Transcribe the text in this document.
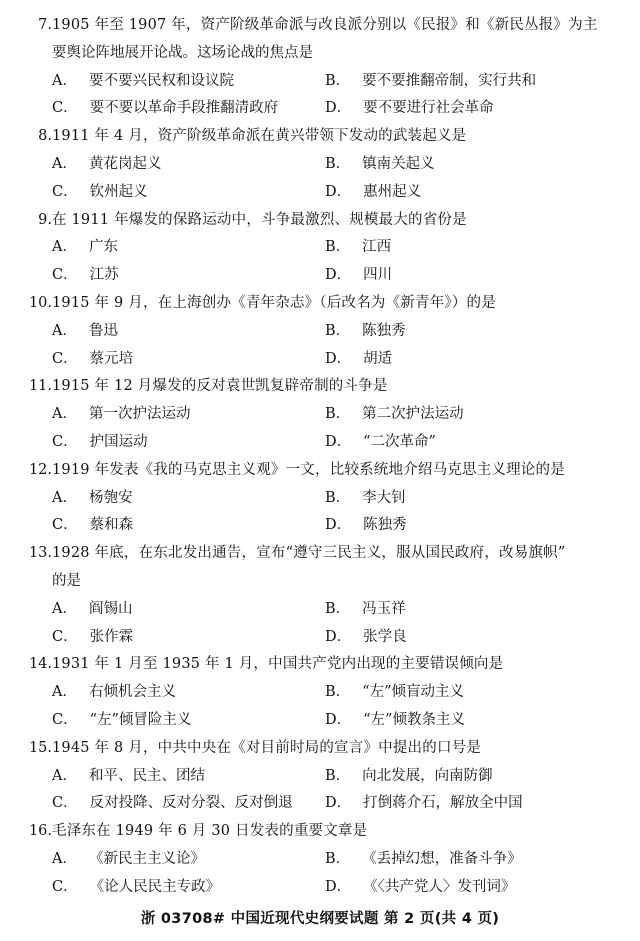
7. 1905 年至 1907 年，资产阶级革命派与改良派分别以《民报》和《新民丛报》为主
要舆论阵地展开论战。这场论战的焦点是
A． 要不要兴民权和设议院	B． 要不要推翻帝制，实行共和
C． 要不要以革命手段推翻清政府	D． 要不要进行社会革命
8. 1911 年 4 月，资产阶级革命派在黄兴带领下发动的武装起义是
A． 黄花岗起义	B． 镇南关起义
C． 钦州起义	D． 惠州起义
9. 在 1911 年爆发的保路运动中，斗争最激烈、规模最大的省份是
A． 广东	B． 江西
C． 江苏	D． 四川
10. 1915 年 9 月，在上海创办《青年杂志》（后改名为《新青年》）的是
A． 鲁迅	B． 陈独秀
C． 蔡元培	D． 胡适
11. 1915 年 12 月爆发的反对袁世凯复辟帝制的斗争是
A． 第一次护法运动	B． 第二次护法运动
C． 护国运动	D． “二次革命”
12. 1919 年发表《我的马克思主义观》一文，比较系统地介绍马克思主义理论的是
A． 杨匏安	B． 李大钊
C． 蔡和森	D． 陈独秀
13. 1928 年底，在东北发出通告，宣布“遵守三民主义，服从国民政府，改易旗帜”
的是
A． 阎锡山	B． 冯玉祥
C． 张作霖	D． 张学良
14. 1931 年 1 月至 1935 年 1 月，中国共产党内出现的主要错误倾向是
A． 右倾机会主义	B． “左”倾盲动主义
C． “左”倾冒险主义	D． “左”倾教条主义
15. 1945 年 8 月，中共中央在《对目前时局的宣言》中提出的口号是
A． 和平、民主、团结	B． 向北发展，向南防御
C． 反对投降、反对分裂、反对倒退 D． 打倒蒋介石，解放全中国
16. 毛泽东在 1949 年 6 月 30 日发表的重要文章是
A． 《新民主主义论》	B． 《丢掉幻想，准备斗争》
C． 《论人民民主专政》	D． 《〈共产党人〉发刊词》
浙 03708# 中国近现代史纲要试题 第 2 页(共 4 页)
